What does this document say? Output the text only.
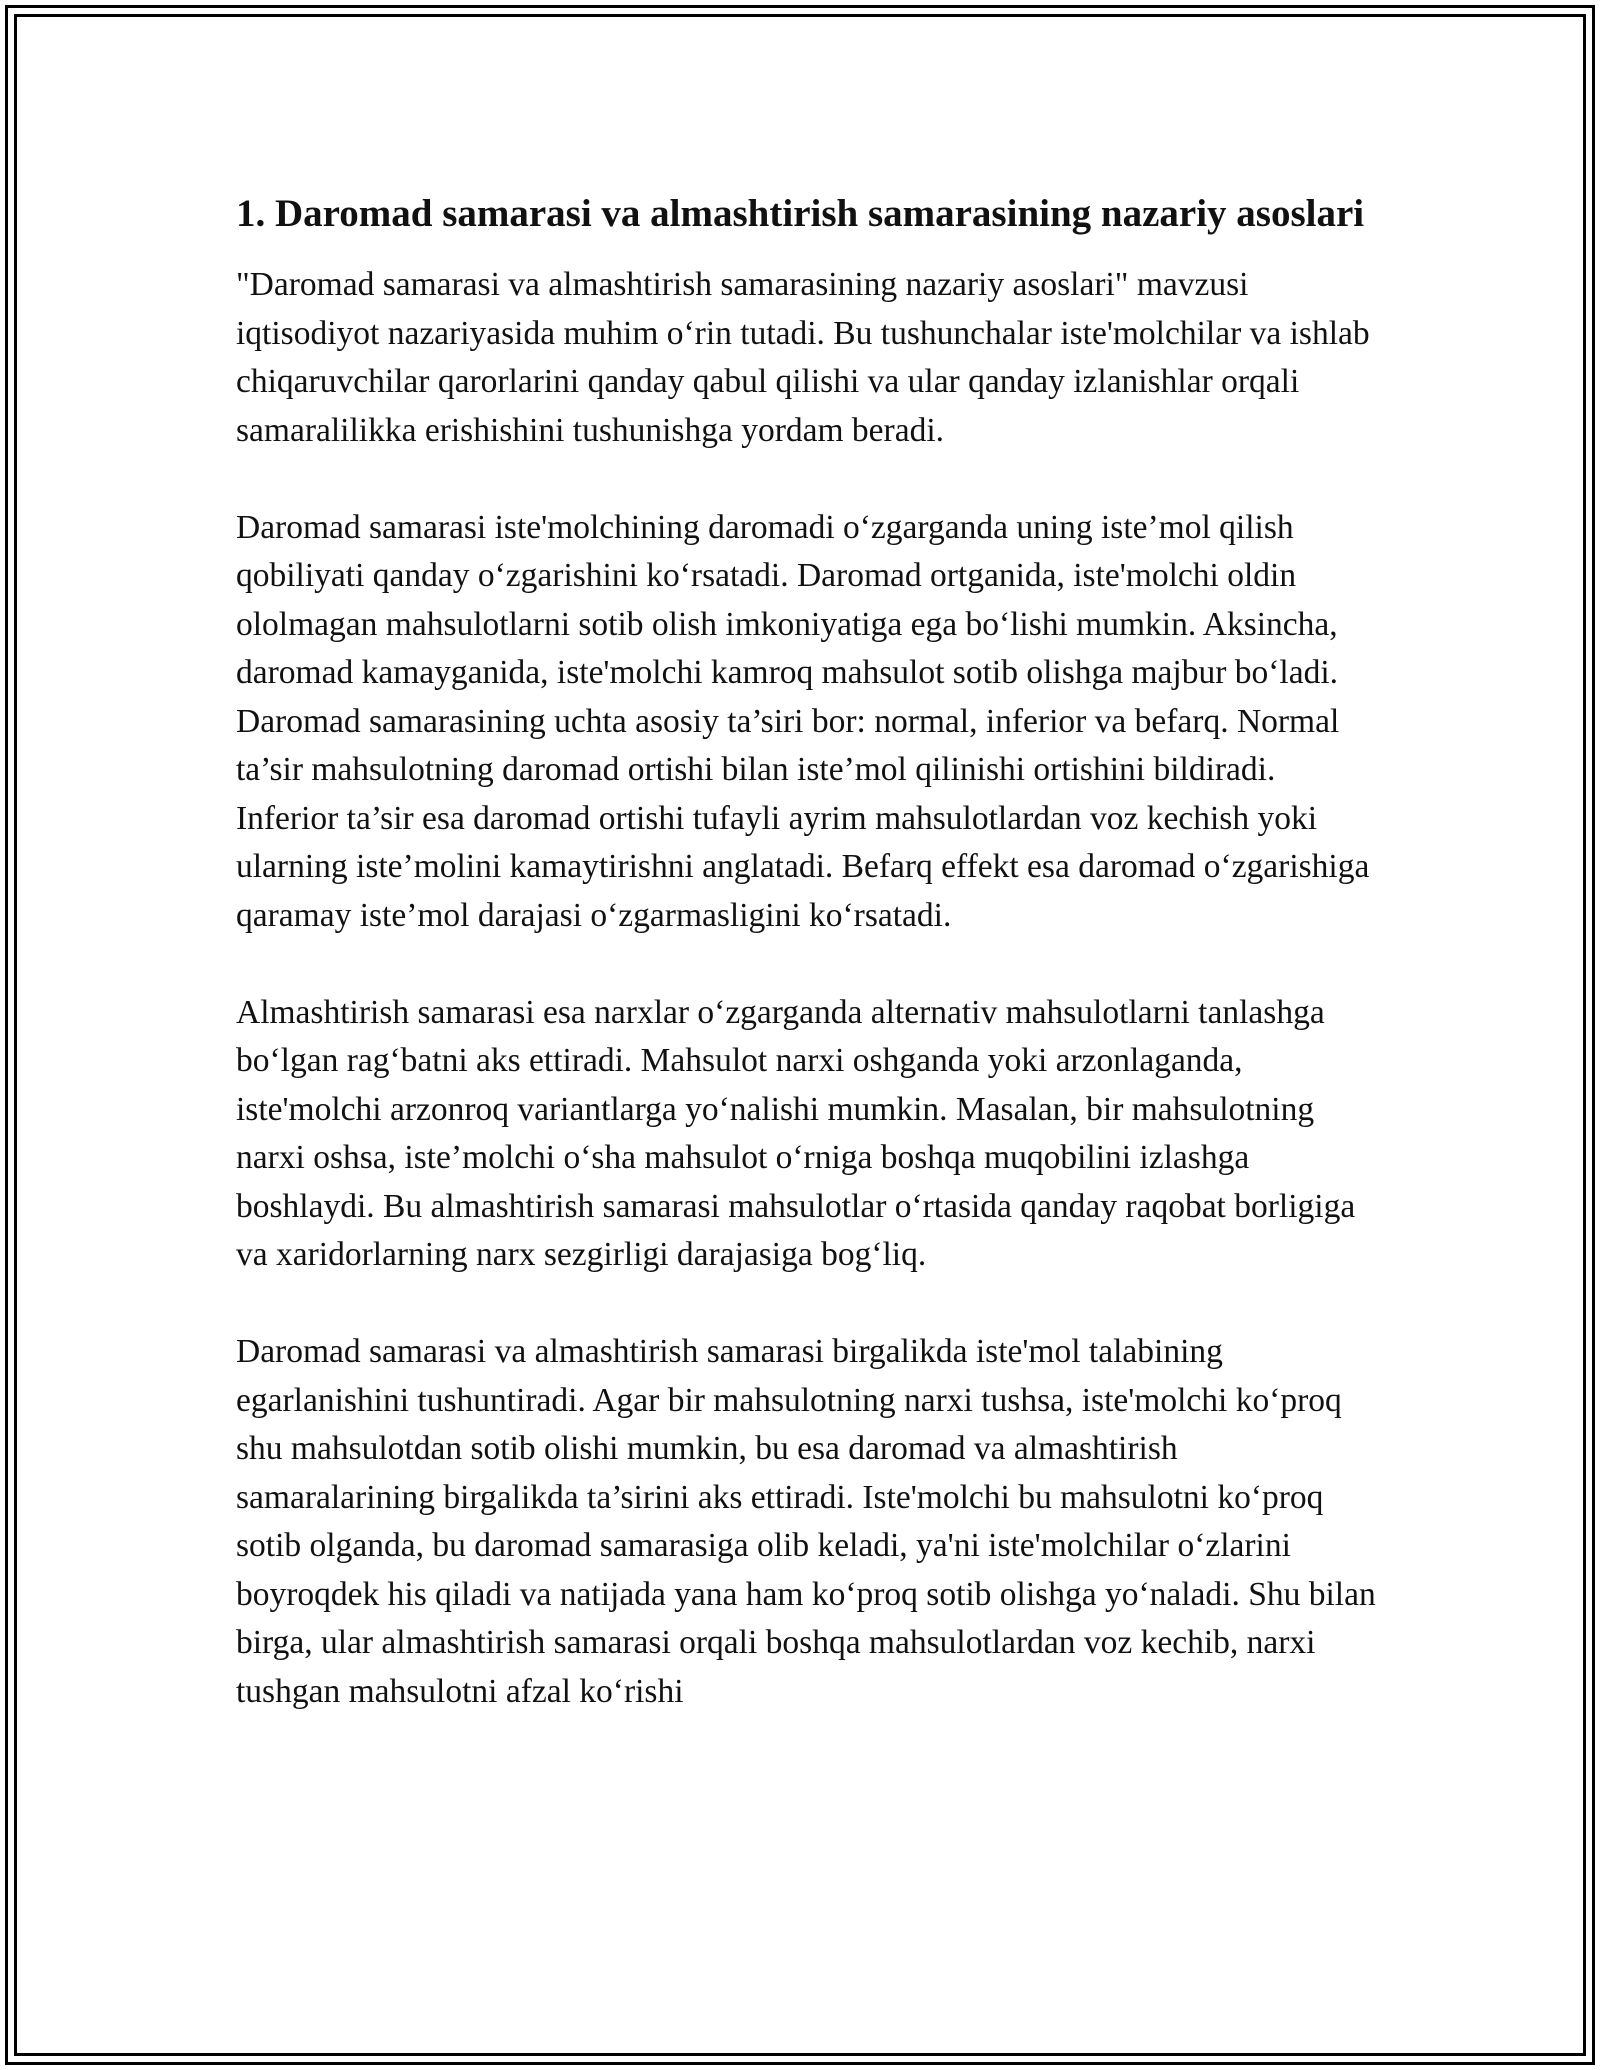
1. Daromad samarasi va almashtirish samarasining nazariy asoslari

"Daromad samarasi va almashtirish samarasining nazariy asoslari" mavzusi iqtisodiyot nazariyasida muhim o‘rin tutadi. Bu tushunchalar iste'molchilar va ishlab chiqaruvchilar qarorlarini qanday qabul qilishi va ular qanday izlanishlar orqali samaralilikka erishishini tushunishga yordam beradi.

Daromad samarasi iste'molchining daromadi o‘zgarganda uning iste’mol qilish qobiliyati qanday o‘zgarishini ko‘rsatadi. Daromad ortganida, iste'molchi oldin ololmagan mahsulotlarni sotib olish imkoniyatiga ega bo‘lishi mumkin. Aksincha, daromad kamayganida, iste'molchi kamroq mahsulot sotib olishga majbur bo‘ladi. Daromad samarasining uchta asosiy ta’siri bor: normal, inferior va befarq. Normal ta’sir mahsulotning daromad ortishi bilan iste’mol qilinishi ortishini bildiradi. Inferior ta’sir esa daromad ortishi tufayli ayrim mahsulotlardan voz kechish yoki ularning iste’molini kamaytirishni anglatadi. Befarq effekt esa daromad o‘zgarishiga qaramay iste’mol darajasi o‘zgarmasligini ko‘rsatadi.

Almashtirish samarasi esa narxlar o‘zgarganda alternativ mahsulotlarni tanlashga bo‘lgan rag‘batni aks ettiradi. Mahsulot narxi oshganda yoki arzonlaganda, iste'molchi arzonroq variantlarga yo‘nalishi mumkin. Masalan, bir mahsulotning narxi oshsa, iste’molchi o‘sha mahsulot o‘rniga boshqa muqobilini izlashga boshlaydi. Bu almashtirish samarasi mahsulotlar o‘rtasida qanday raqobat borligiga va xaridorlarning narx sezgirligi darajasiga bog‘liq.

Daromad samarasi va almashtirish samarasi birgalikda iste'mol talabining egarlanishini tushuntiradi. Agar bir mahsulotning narxi tushsa, iste'molchi ko‘proq shu mahsulotdan sotib olishi mumkin, bu esa daromad va almashtirish samaralarining birgalikda ta’sirini aks ettiradi. Iste'molchi bu mahsulotni ko‘proq sotib olganda, bu daromad samarasiga olib keladi, ya'ni iste'molchilar o‘zlarini boyroqdek his qiladi va natijada yana ham ko‘proq sotib olishga yo‘naladi. Shu bilan birga, ular almashtirish samarasi orqali boshqa mahsulotlardan voz kechib, narxi tushgan mahsulotni afzal ko‘rishi
